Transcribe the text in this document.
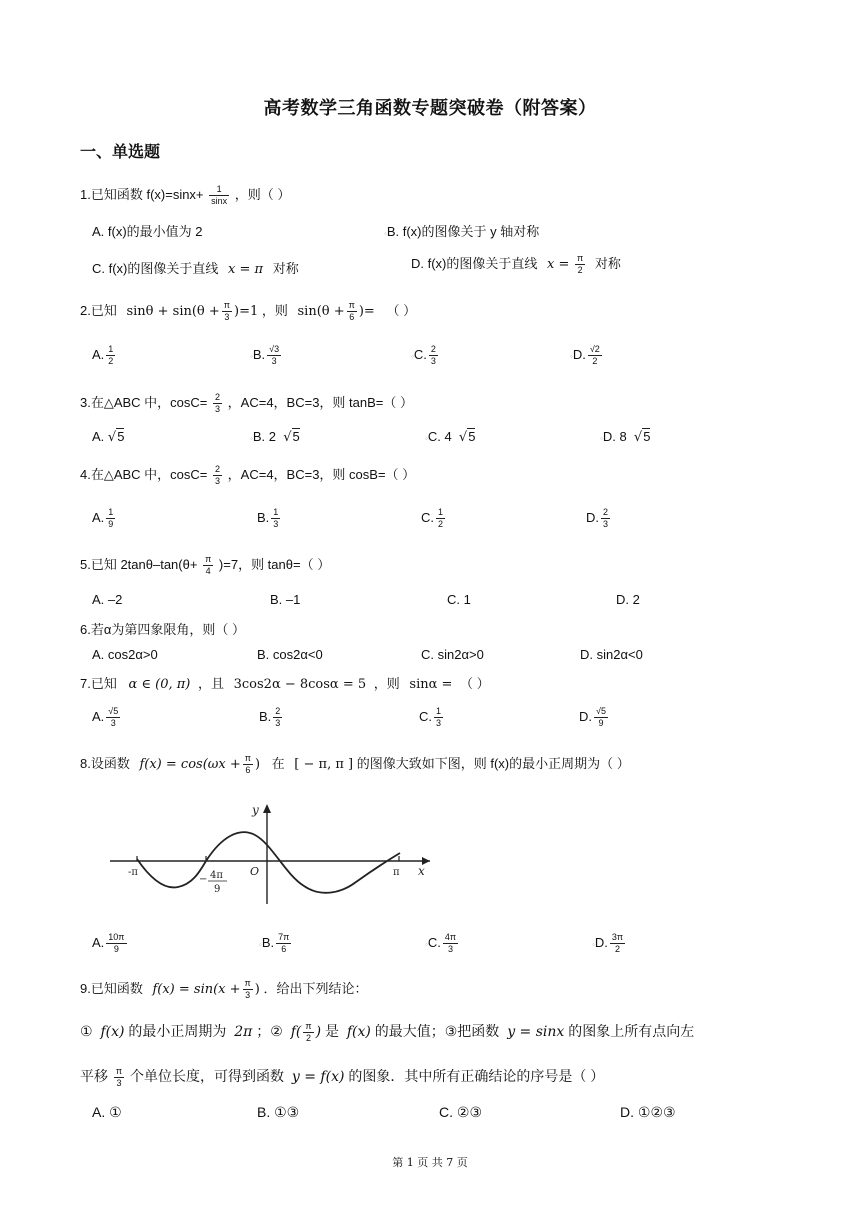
高考数学三角函数专题突破卷（附答案）
一、单选题
1.已知函数 $f(x)=\sin x+ \frac{1}{\sin x}$ ，则（ ）
A. f(x)的最小值为 2	◦B. f(x)的图像关于 y 轴对称
C. f(x)的图像关于直线 x = π 对称	D. f(x)的图像关于直线 $x = \frac{\pi}{2}$ 对称
2.已知 $\sin\theta + \sin(\theta + \frac{\pi}{3} )=1$ ，则 $\sin(\theta + \frac{\pi}{6}$ )= （ ）
A. $\frac{1}{2}$	◦B. $\frac{√3}{3}$	◦C. $\frac{2}{3}$	◦D. $\frac{√2}{2}$
3.在△ABC 中，$\cos C= \frac{2}{3}$ ，AC=4，BC=3，则 tanB=（ ）
A. √5	◦B. 2 √5	◦C. 4 √5	◦D. 8 √5
4.在△ABC 中，$\cos C= \frac{2}{3}$ ，AC=4，BC=3，则 cosB=（ ）
A. $\frac{1}{9}$	B. $\frac{1}{3}$	C. $\frac{1}{2}$	D. $\frac{2}{3}$
5.已知 $2\tan\theta-\tan(\theta+ \frac{\pi}{4} )=7$，则 tanθ=（ ）
A. –2	B. –1	C. 1	D. 2
6.若α为第四象限角，则（ ）
A. cos2α>0	B. cos2α<0	C. sin2α>0	D. sin2α<0
7.已知 α ∈ (0, π) ，且 3cos2α − 8cosα = 5 ，则 sinα = （ ）
A. $\frac{√5}{3}$	B. $\frac{2}{3}$	C. $\frac{1}{3}$	D. $\frac{√5}{9}$
8.设函数 $f(x) = \cos(\omega x + \frac{\pi}{6}$ ) 在 [ − π, π ] 的图像大致如下图，则 f(x)的最小正周期为（ ）
y
x
O
-π	π
− 4π
9
A. $\frac{10\pi}{9}$	◦B. $\frac{7\pi}{6}$	◦C. $\frac{4\pi}{3}$	◦D. $\frac{3\pi}{2}$
9.已知函数 $f(x) = \sin(x + \frac{\pi}{3}$ ) ．给出下列结论：
① f(x) 的最小正周期为 2π ；② $f( \frac{\pi}{2}$ ) 是 f(x) 的最大值；③把函数 y = sinx 的图象上所有点向左
平移 $\frac{\pi}{3}$ 个单位长度，可得到函数 y = f(x) 的图象．其中所有正确结论的序号是（ ）
A. ①	B. ①③	C. ②③	D. ①②③
第 1 页 共 7 页
